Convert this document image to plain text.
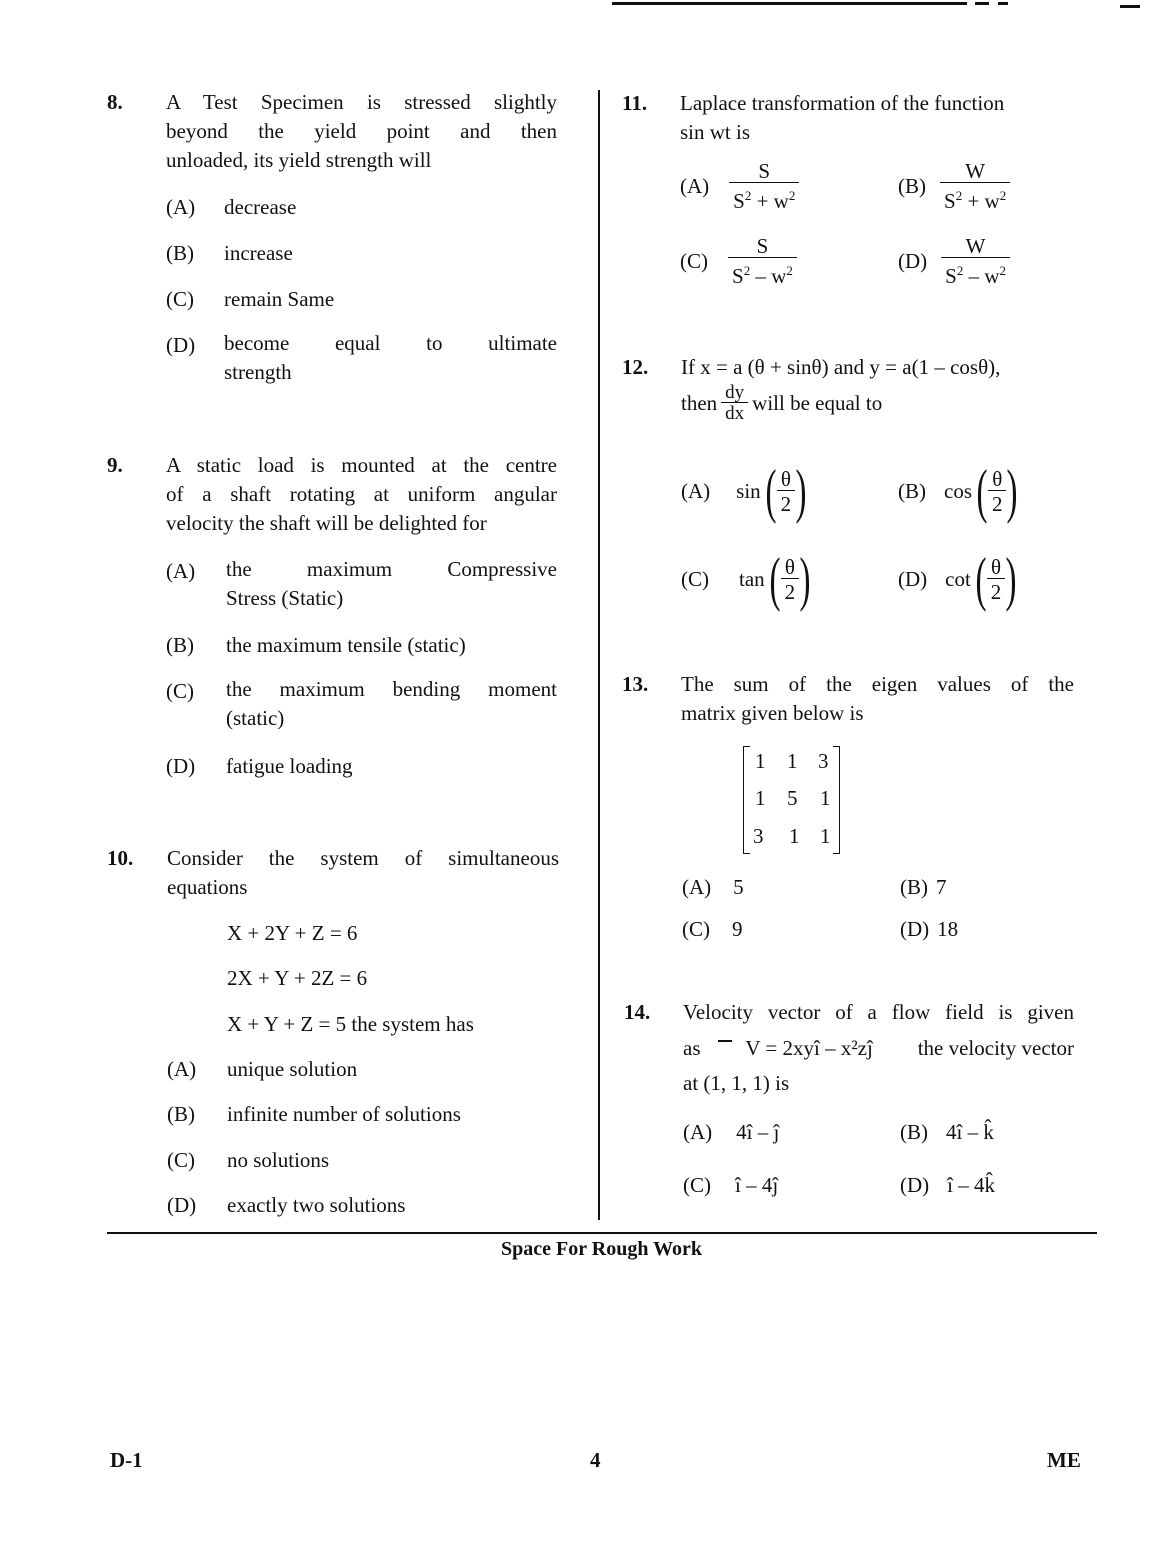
8. A Test Specimen is stressed slightly
beyond the yield point and then
unloaded, its yield strength will
(A) decrease
(B) increase
(C) remain Same
(D) become equal to ultimate
strength
9. A static load is mounted at the centre
of a shaft rotating at uniform angular
velocity the shaft will be delighted for
(A) the maximum Compressive
Stress (Static)
(B) the maximum tensile (static)
(C) the maximum bending moment
(static)
(D) fatigue loading
10. Consider the system of simultaneous
equations
X + 2Y + Z = 6
2X + Y + 2Z = 6
X + Y + Z = 5 the system has
(A) unique solution
(B) infinite number of solutions
(C) no solutions
(D) exactly two solutions
11. Laplace transformation of the function
sin wt is
$(A) \frac{S}{S^2 + w^2}$	$(B) \frac{W}{S^2 + w^2}$
$(C) \frac{S}{S^2 - w^2}$	$(D) \frac{W}{S^2 - w^2}$
12. If x = a (θ + sinθ) and y = a(1 – cosθ),
then $\frac{dy}{dx}$ will be equal to
(A) sin ( $\frac{\theta}{2}$ )	(B) cos ( $\frac{\theta}{2}$ )
(C) tan ( $\frac{\theta}{2}$ )	(D) cot ( $\frac{\theta}{2}$ )
13. The sum of the eigen values of the
matrix given below is
1 1 3
1 5 1
3 1 1
(A) 5	(B) 7
(C) 9	(D) 18
14. Velocity vector of a flow field is given
as V = 2xyî – x²zĵ the velocity vector
at (1, 1, 1) is
(A) 4î – ĵ	(B) 4î – k̂
(C) î – 4ĵ	(D) î – 4k̂
Space For Rough Work
D-1	4	ME
